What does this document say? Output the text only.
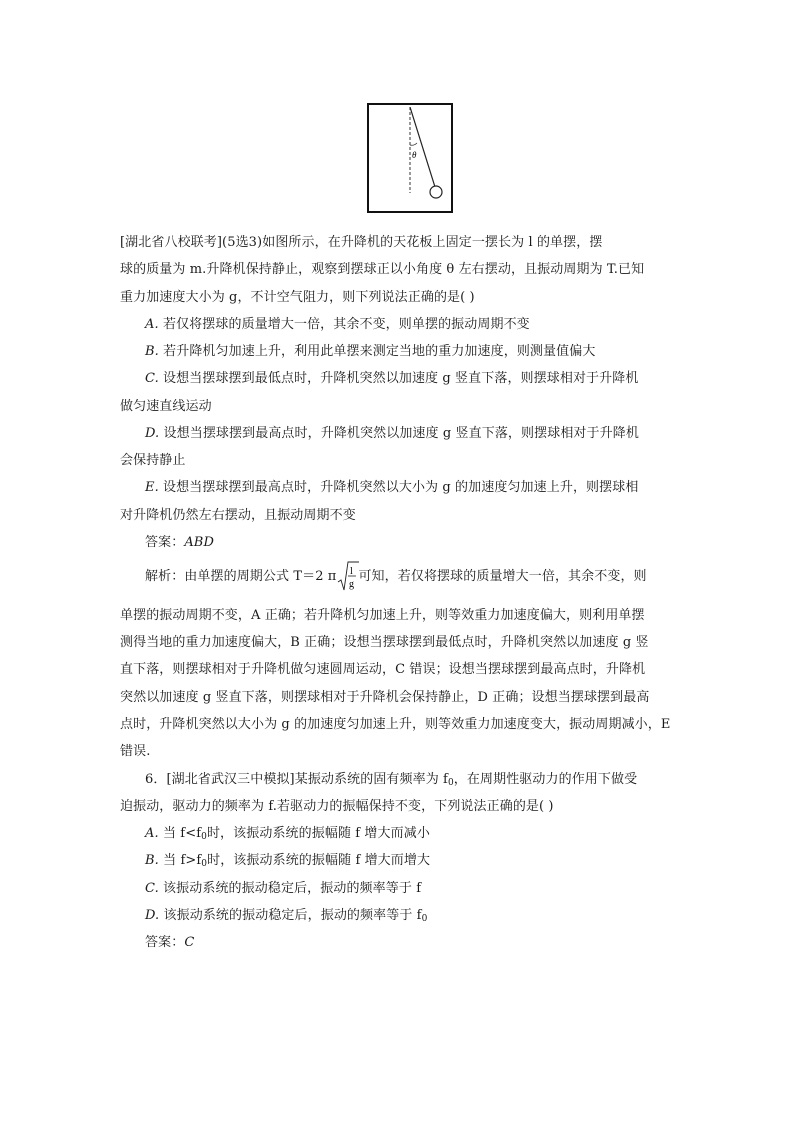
θ
[湖北省八校联考](5选3)如图所示，在升降机的天花板上固定一摆长为 l 的单摆，摆
球的质量为 m.升降机保持静止，观察到摆球正以小角度 θ 左右摆动，且振动周期为 T.已知
重力加速度大小为 g，不计空气阻力，则下列说法正确的是( )
A. 若仅将摆球的质量增大一倍，其余不变，则单摆的振动周期不变
B. 若升降机匀加速上升，利用此单摆来测定当地的重力加速度，则测量值偏大
C. 设想当摆球摆到最低点时，升降机突然以加速度 g 竖直下落，则摆球相对于升降机
做匀速直线运动
D. 设想当摆球摆到最高点时，升降机突然以加速度 g 竖直下落，则摆球相对于升降机
会保持静止
E. 设想当摆球摆到最高点时，升降机突然以大小为 g 的加速度匀加速上升，则摆球相
对升降机仍然左右摆动，且振动周期不变
答案：ABD
解析：由单摆的周期公式 T＝2 π l
g
可知，若仅将摆球的质量增大一倍，其余不变，则
单摆的振动周期不变，A 正确；若升降机匀加速上升，则等效重力加速度偏大，则利用单摆
测得当地的重力加速度偏大，B 正确；设想当摆球摆到最低点时，升降机突然以加速度 g 竖
直下落，则摆球相对于升降机做匀速圆周运动，C 错误；设想当摆球摆到最高点时，升降机
突然以加速度 g 竖直下落，则摆球相对于升降机会保持静止，D 正确；设想当摆球摆到最高
点时，升降机突然以大小为 g 的加速度匀加速上升，则等效重力加速度变大，振动周期减小，E
错误.
6．[湖北省武汉三中模拟]某振动系统的固有频率为 $f_0$，在周期性驱动力的作用下做受
迫振动，驱动力的频率为 f.若驱动力的振幅保持不变，下列说法正确的是( )
A. 当 $f<f_0$时，该振动系统的振幅随 f 增大而减小
B. 当 $f>f_0$时，该振动系统的振幅随 f 增大而增大
C. 该振动系统的振动稳定后，振动的频率等于 f
D. 该振动系统的振动稳定后，振动的频率等于 $f_0$
答案：C
